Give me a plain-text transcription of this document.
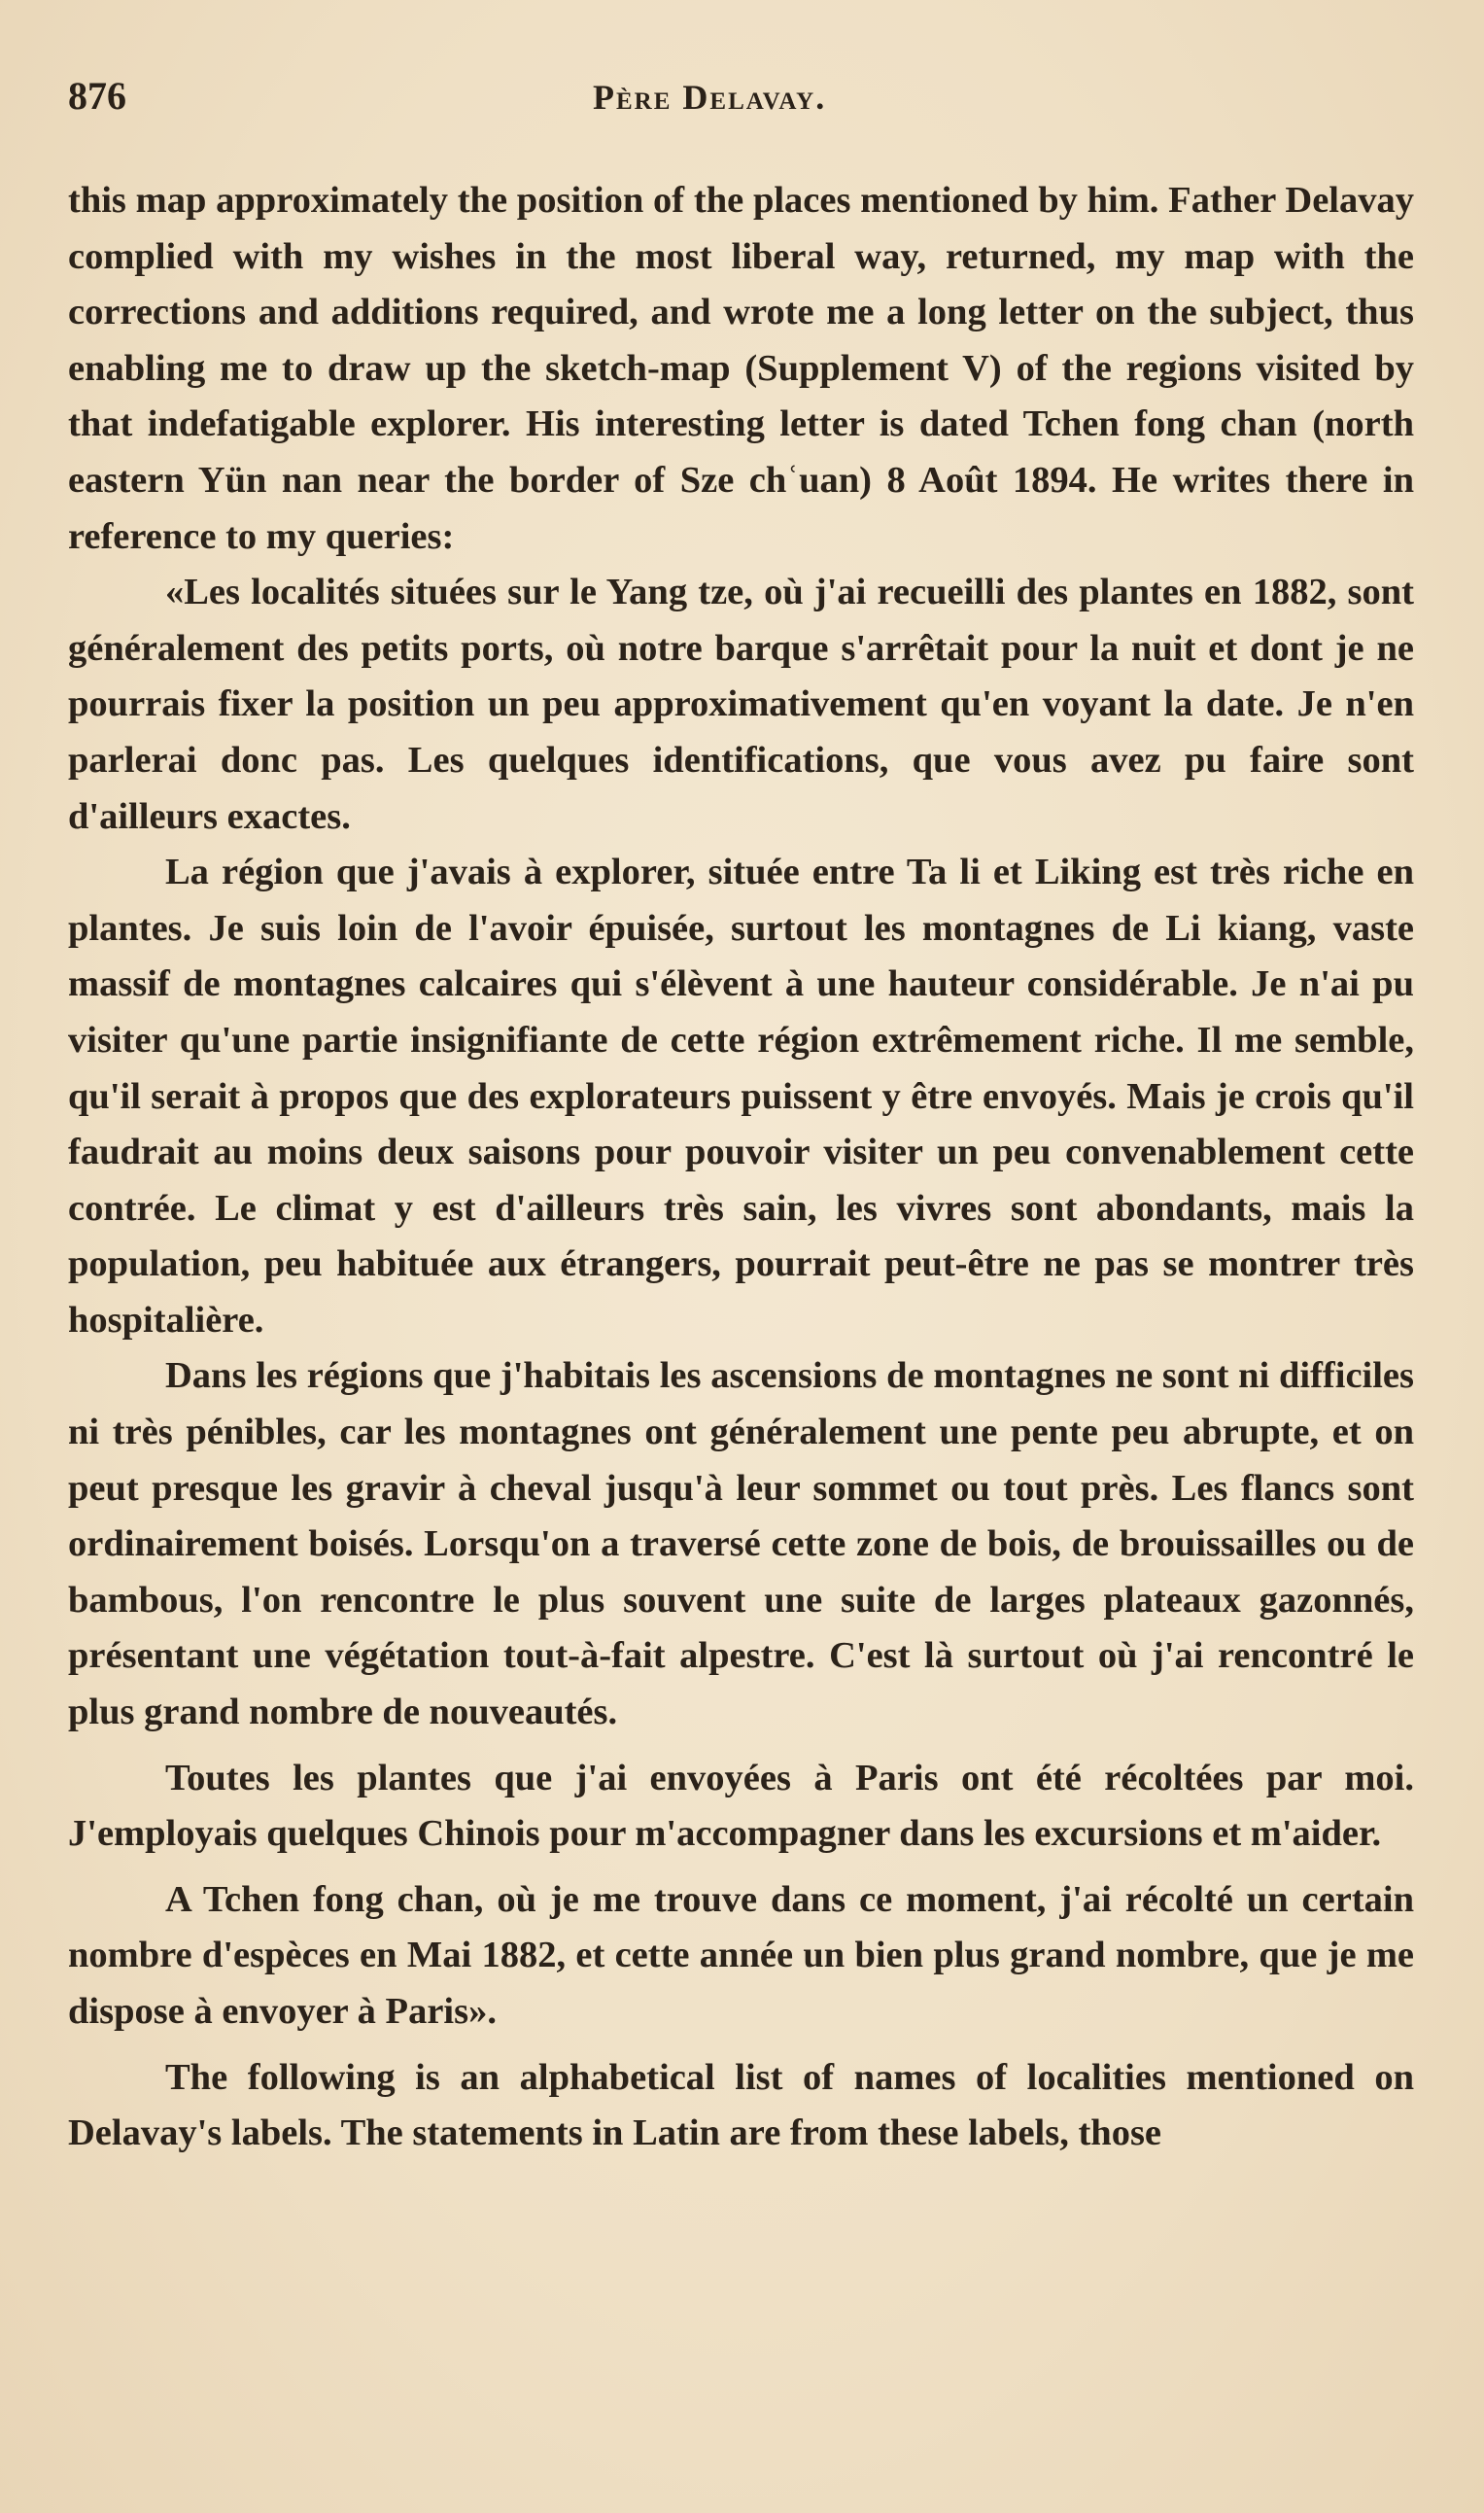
876	Père Delavay.

this map approximately the position of the places mentioned by him. Father Delavay complied with my wishes in the most liberal way, returned, my map with the corrections and additions required, and wrote me a long letter on the subject, thus enabling me to draw up the sketch-map (Supplement V) of the regions visited by that indefatigable explorer. His interesting letter is dated Tchen fong chan (north eastern Yün nan near the border of Sze chʿuan) 8 Août 1894. He writes there in reference to my queries:

«Les localités situées sur le Yang tze, où j'ai recueilli des plantes en 1882, sont généralement des petits ports, où notre barque s'arrêtait pour la nuit et dont je ne pourrais fixer la position un peu approximativement qu'en voyant la date. Je n'en parlerai donc pas. Les quelques identifications, que vous avez pu faire sont d'ailleurs exactes.

La région que j'avais à explorer, située entre Ta li et Liking est très riche en plantes. Je suis loin de l'avoir épuisée, surtout les montagnes de Li kiang, vaste massif de montagnes calcaires qui s'élèvent à une hauteur considérable. Je n'ai pu visiter qu'une partie insignifiante de cette région extrêmement riche. Il me semble, qu'il serait à propos que des explorateurs puissent y être envoyés. Mais je crois qu'il faudrait au moins deux saisons pour pouvoir visiter un peu convenablement cette contrée. Le climat y est d'ailleurs très sain, les vivres sont abondants, mais la population, peu habituée aux étrangers, pourrait peut-être ne pas se montrer très hospitalière.

Dans les régions que j'habitais les ascensions de montagnes ne sont ni difficiles ni très pénibles, car les montagnes ont généralement une pente peu abrupte, et on peut presque les gravir à cheval jusqu'à leur sommet ou tout près. Les flancs sont ordinairement boisés. Lorsqu'on a traversé cette zone de bois, de brouissailles ou de bambous, l'on rencontre le plus souvent une suite de larges plateaux gazonnés, présentant une végétation tout-à-fait alpestre. C'est là surtout où j'ai rencontré le plus grand nombre de nouveautés.

Toutes les plantes que j'ai envoyées à Paris ont été récoltées par moi. J'employais quelques Chinois pour m'accompagner dans les excursions et m'aider.

A Tchen fong chan, où je me trouve dans ce moment, j'ai récolté un certain nombre d'espèces en Mai 1882, et cette année un bien plus grand nombre, que je me dispose à envoyer à Paris».

The following is an alphabetical list of names of localities mentioned on Delavay's labels. The statements in Latin are from these labels, those
